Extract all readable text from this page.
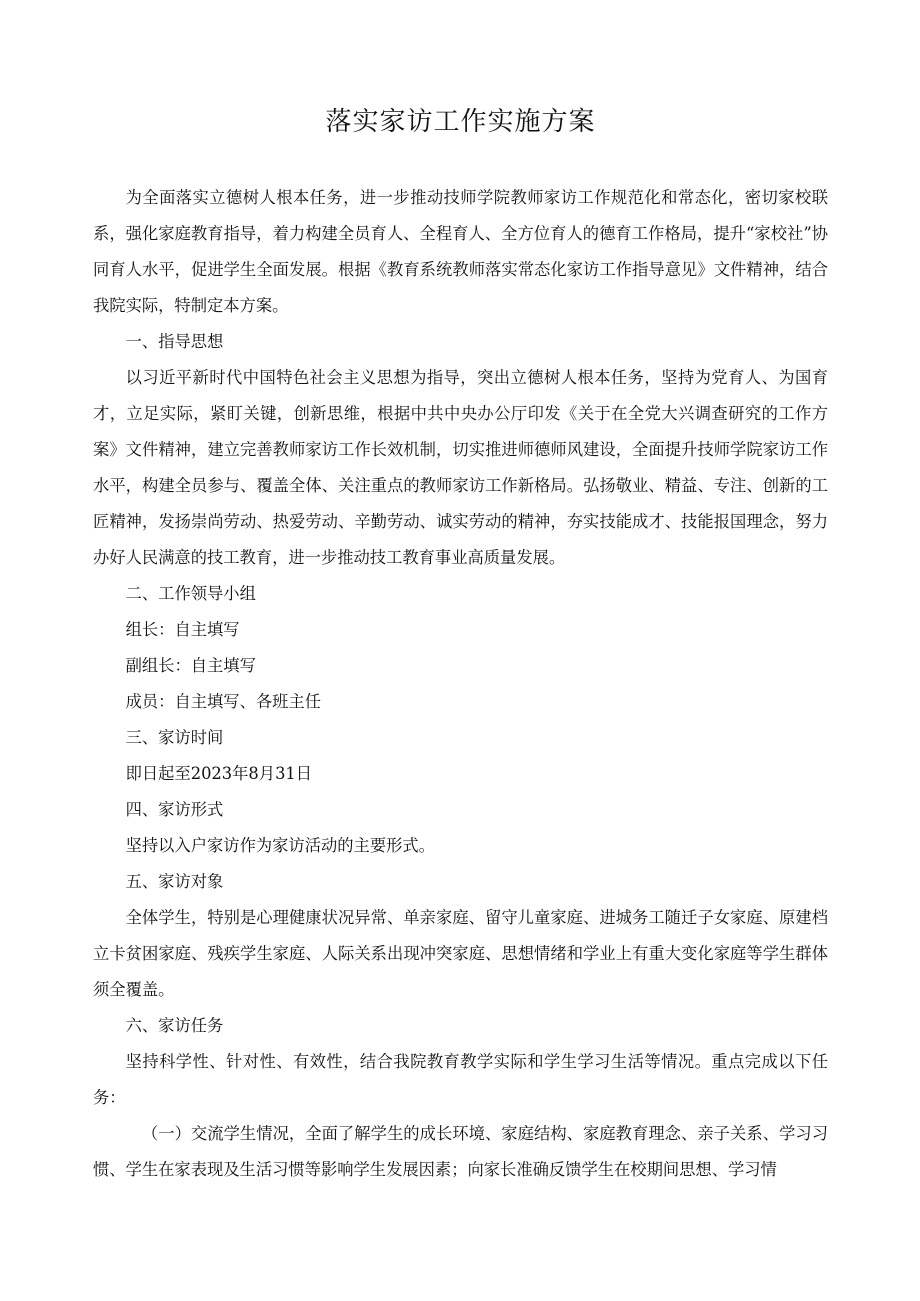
落实家访工作实施方案

为全面落实立德树人根本任务，进一步推动技师学院教师家访工作规范化和常态化，密切家校联系，强化家庭教育指导，着力构建全员育人、全程育人、全方位育人的德育工作格局，提升“家校社”协同育人水平，促进学生全面发展。根据《教育系统教师落实常态化家访工作指导意见》文件精神，结合我院实际，特制定本方案。

一、指导思想

以习近平新时代中国特色社会主义思想为指导，突出立德树人根本任务，坚持为党育人、为国育才，立足实际，紧盯关键，创新思维，根据中共中央办公厅印发《关于在全党大兴调查研究的工作方案》文件精神，建立完善教师家访工作长效机制，切实推进师德师风建设，全面提升技师学院家访工作水平，构建全员参与、覆盖全体、关注重点的教师家访工作新格局。弘扬敬业、精益、专注、创新的工匠精神，发扬崇尚劳动、热爱劳动、辛勤劳动、诚实劳动的精神，夯实技能成才、技能报国理念，努力办好人民满意的技工教育，进一步推动技工教育事业高质量发展。

二、工作领导小组

组长：自主填写

副组长：自主填写

成员：自主填写、各班主任

三、家访时间

即日起至2023年8月31日

四、家访形式

坚持以入户家访作为家访活动的主要形式。

五、家访对象

全体学生，特别是心理健康状况异常、单亲家庭、留守儿童家庭、进城务工随迁子女家庭、原建档立卡贫困家庭、残疾学生家庭、人际关系出现冲突家庭、思想情绪和学业上有重大变化家庭等学生群体须全覆盖。

六、家访任务

坚持科学性、针对性、有效性，结合我院教育教学实际和学生学习生活等情况。重点完成以下任务：

（一）交流学生情况，全面了解学生的成长环境、家庭结构、家庭教育理念、亲子关系、学习习惯、学生在家表现及生活习惯等影响学生发展因素；向家长准确反馈学生在校期间思想、学习情
